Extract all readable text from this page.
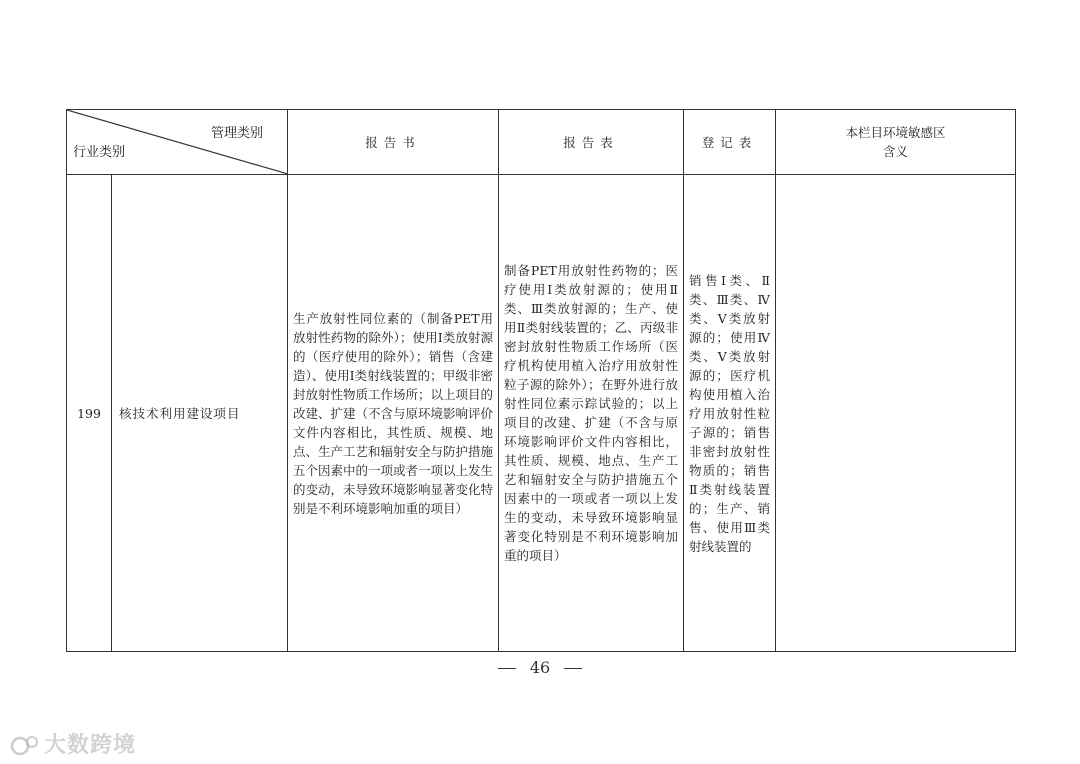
管理类别
行业类别		报告书	报告表	登记表	本栏目环境敏感区
含义

199	核技术利用建设项目	生产放射性同位素的（制备PET用放射性药物的除外）；使用Ⅰ类放射源的（医疗使用的除外）；销售（含建造）、使用Ⅰ类射线装置的；甲级非密封放射性物质工作场所；以上项目的改建、扩建（不含与原环境影响评价文件内容相比，其性质、规模、地点、生产工艺和辐射安全与防护措施五个因素中的一项或者一项以上发生的变动，未导致环境影响显著变化特别是不利环境影响加重的项目）	制备PET用放射性药物的；医疗使用Ⅰ类放射源的；使用Ⅱ类、Ⅲ类放射源的；生产、使用Ⅱ类射线装置的；乙、丙级非密封放射性物质工作场所（医疗机构使用植入治疗用放射性粒子源的除外）；在野外进行放射性同位素示踪试验的；以上项目的改建、扩建（不含与原环境影响评价文件内容相比，其性质、规模、地点、生产工艺和辐射安全与防护措施五个因素中的一项或者一项以上发生的变动，未导致环境影响显著变化特别是不利环境影响加重的项目）	销售Ⅰ类、Ⅱ类、Ⅲ类、Ⅳ类、Ⅴ类放射源的；使用Ⅳ类、Ⅴ类放射源的；医疗机构使用植入治疗用放射性粒子源的；销售非密封放射性物质的；销售Ⅱ类射线装置的；生产、销售、使用Ⅲ类射线装置的	

46
大数跨境
